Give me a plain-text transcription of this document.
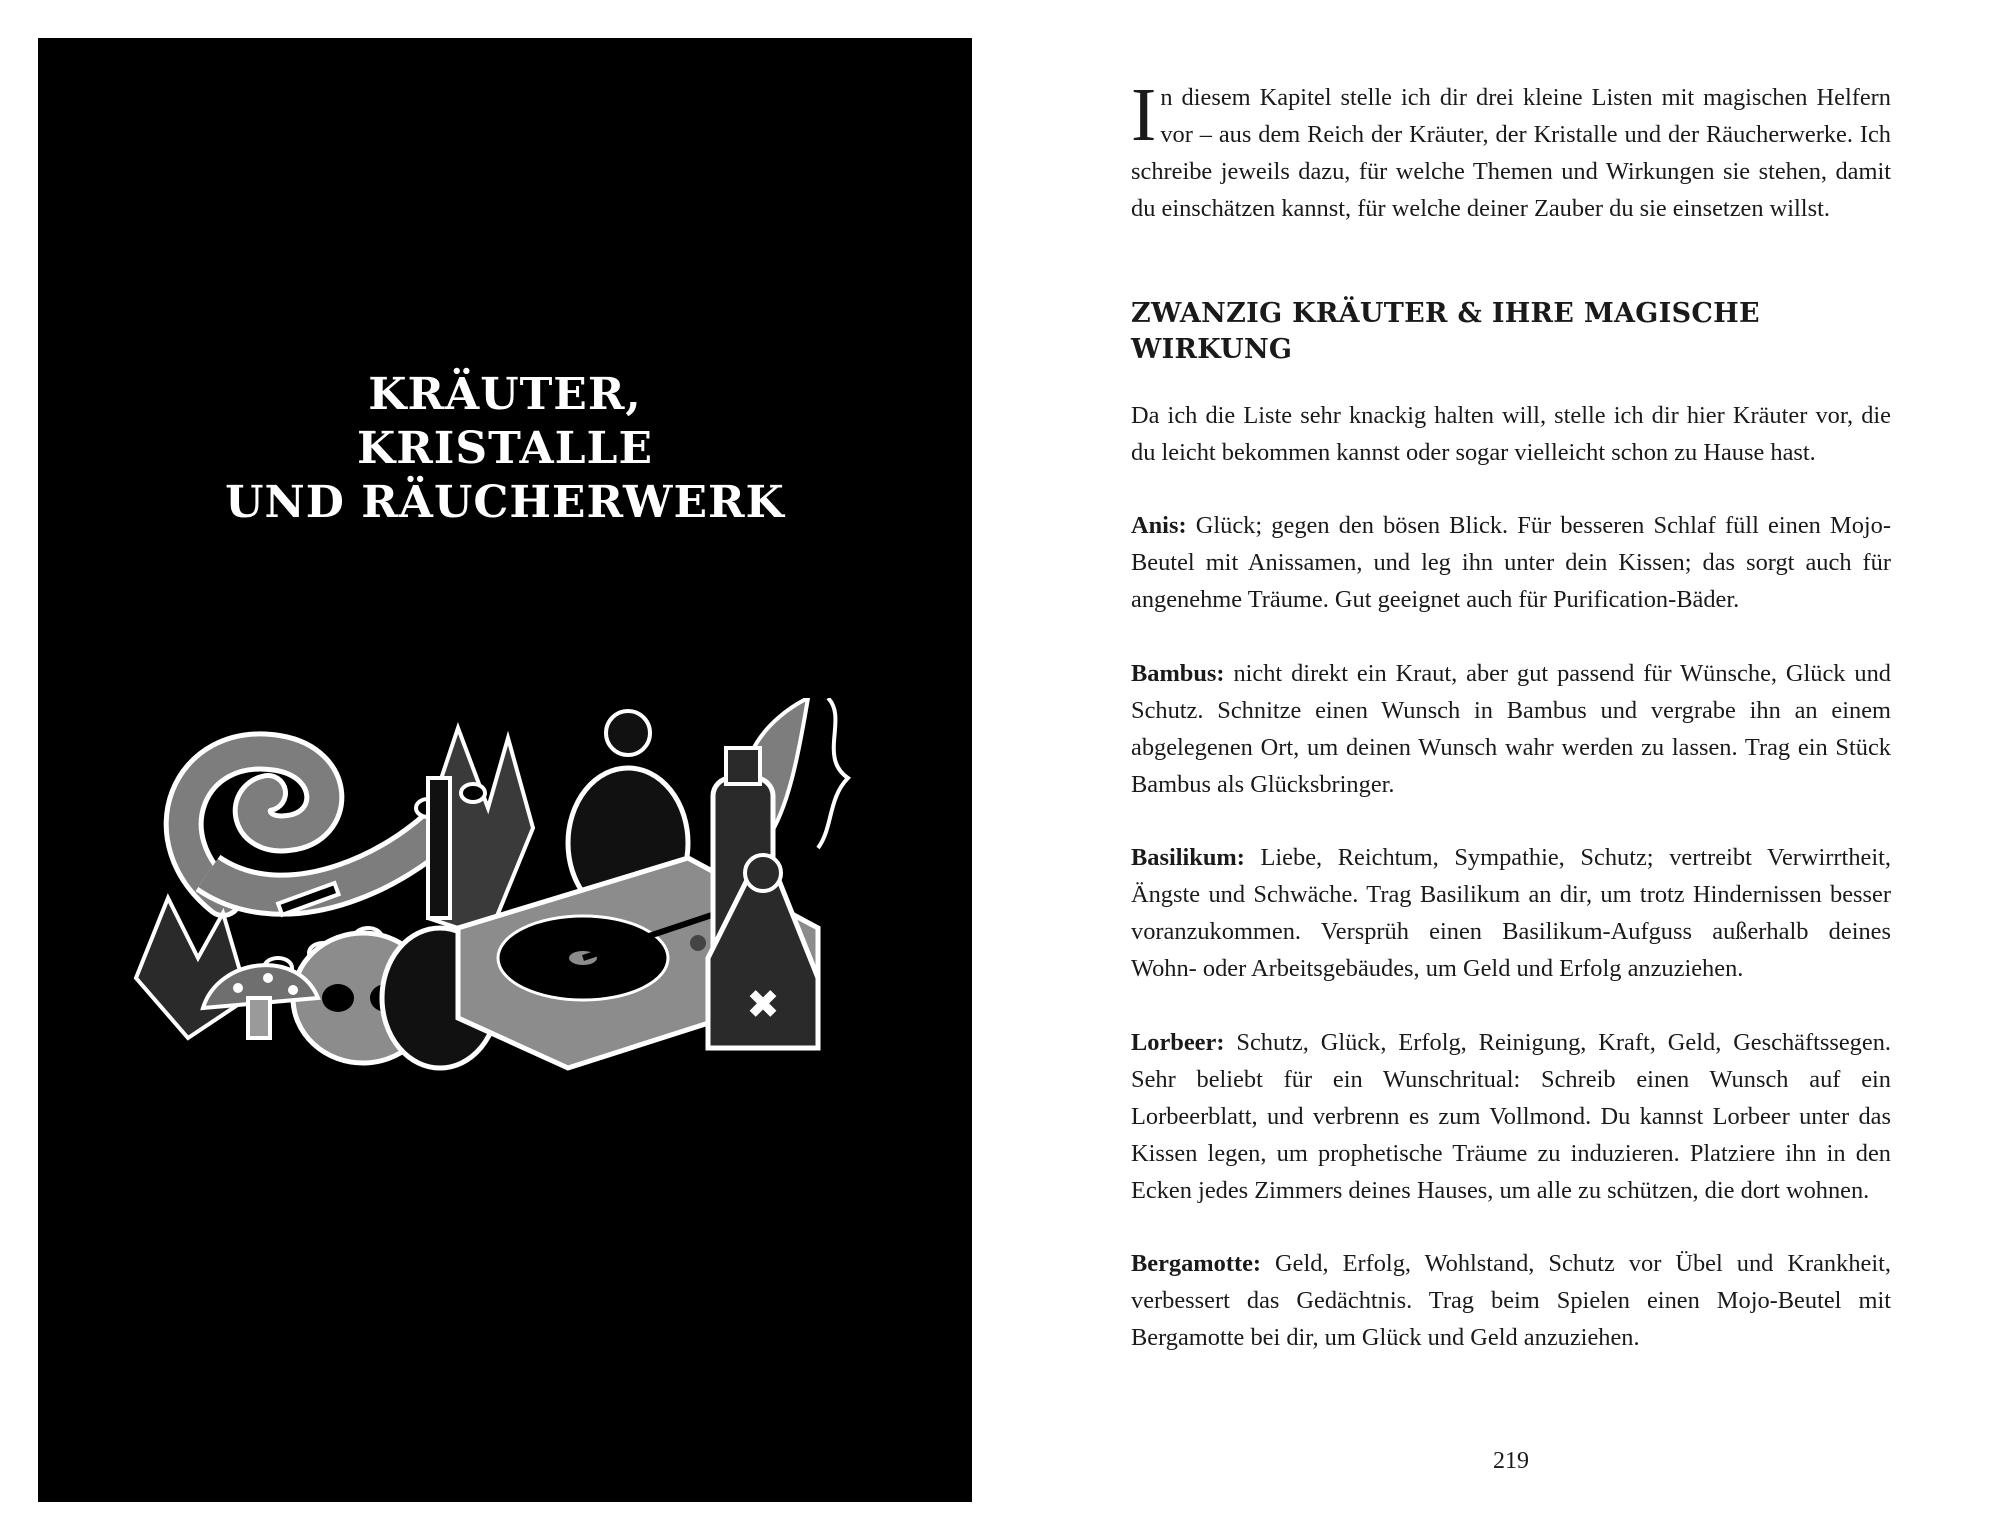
KRÄUTER,
KRISTALLE
UND RÄUCHERWERK
✖

In diesem Kapitel stelle ich dir drei kleine Listen mit magischen Helfern vor – aus dem Reich der Kräuter, der Kristalle und der Räucherwerke. Ich schreibe jeweils dazu, für welche Themen und Wirkungen sie stehen, damit du einschätzen kannst, für welche deiner Zauber du sie einsetzen willst.

ZWANZIG KRÄUTER & IHRE MAGISCHE WIRKUNG

Da ich die Liste sehr knackig halten will, stelle ich dir hier Kräuter vor, die du leicht bekommen kannst oder sogar vielleicht schon zu Hause hast.

Anis: Glück; gegen den bösen Blick. Für besseren Schlaf füll einen Mojo-Beutel mit Anissamen, und leg ihn unter dein Kissen; das sorgt auch für angenehme Träume. Gut geeignet auch für Purification-Bäder.

Bambus: nicht direkt ein Kraut, aber gut passend für Wünsche, Glück und Schutz. Schnitze einen Wunsch in Bambus und vergrabe ihn an einem abgelegenen Ort, um deinen Wunsch wahr werden zu lassen. Trag ein Stück Bambus als Glücksbringer.

Basilikum: Liebe, Reichtum, Sympathie, Schutz; vertreibt Verwirrtheit, Ängste und Schwäche. Trag Basilikum an dir, um trotz Hindernissen besser voranzukommen. Versprüh einen Basilikum-Aufguss außerhalb deines Wohn- oder Arbeitsgebäudes, um Geld und Erfolg anzuziehen.

Lorbeer: Schutz, Glück, Erfolg, Reinigung, Kraft, Geld, Geschäftssegen. Sehr beliebt für ein Wunschritual: Schreib einen Wunsch auf ein Lorbeerblatt, und verbrenn es zum Vollmond. Du kannst Lorbeer unter das Kissen legen, um prophetische Träume zu induzieren. Platziere ihn in den Ecken jedes Zimmers deines Hauses, um alle zu schützen, die dort wohnen.

Bergamotte: Geld, Erfolg, Wohlstand, Schutz vor Übel und Krankheit, verbessert das Gedächtnis. Trag beim Spielen einen Mojo-Beutel mit Bergamotte bei dir, um Glück und Geld anzuziehen.

219
